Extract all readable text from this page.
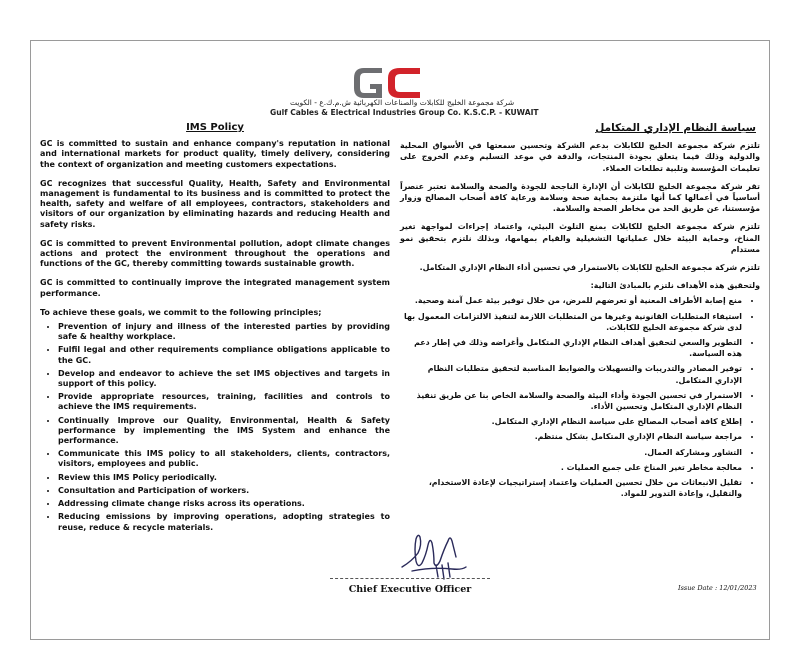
شركة مجموعة الخليج للكابلات والصناعات الكهربائية ش.م.ك.ع - الكويت
Gulf Cables & Electrical Industries Group Co. K.S.C.P. - KUWAIT
IMS Policy

GC is committed to sustain and enhance company's reputation in national and international markets for product quality, timely delivery, considering the context of organization and meeting customers expectations.

GC recognizes that successful Quality, Health, Safety and Environmental management is fundamental to its business and is committed to protect the health, safety and welfare of all employees, contractors, stakeholders and visitors of our organization by eliminating hazards and reducing Health and safety risks.

GC is committed to prevent Environmental pollution, adopt climate changes actions and protect the environment throughout the operations and functions of the GC, thereby committing towards sustainable growth.

GC is committed to continually improve the integrated management system performance.

To achieve these goals, we commit to the following principles;

• Prevention of injury and illness of the interested parties by providing safe & healthy workplace.
• Fulfil legal and other requirements compliance obligations applicable to the GC.
• Develop and endeavor to achieve the set IMS objectives and targets in support of this policy.
• Provide appropriate resources, training, facilities and controls to achieve the IMS requirements.
• Continually Improve our Quality, Environmental, Health & Safety performance by implementing the IMS System and enhance the performance.
• Communicate this IMS policy to all stakeholders, clients, contractors, visitors, employees and public.
• Review this IMS Policy periodically.
• Consultation and Participation of workers.
• Addressing climate change risks across its operations.
• Reducing emissions by improving operations, adopting strategies to reuse, reduce & recycle materials.
سياسة النظام الإداري المتكامل

تلتزم شركة مجموعة الخليج للكابلات بدعم الشركة وتحسين سمعتها في الأسواق المحلية والدولية وذلك فيما يتعلق بجودة المنتجات، والدقة في موعد التسليم وعدم الخروج على تعليمات المؤسسة وتلبية تطلعات العملاء.

تقر شركة مجموعة الخليج للكابلات أن الإدارة الناجحة للجودة والصحة والسلامة تعتبر عنصراً أساسياً في أعمالها كما أنها ملتزمة بحماية صحة وسلامة ورعاية كافة أصحاب المصالح وزوار مؤسستنا، عن طريق الحد من مخاطر الصحة والسلامة.

تلتزم شركة مجموعة الخليج للكابلات بمنع التلوث البيئي، واعتماد إجراءات لمواجهة تغير المناخ، وحماية البيئة خلال عملياتها التشغيلية والقيام بمهامها، وبذلك نلتزم بتحقيق نمو مستدام

تلتزم شركة مجموعة الخليج للكابلات بالاستمرار في تحسين أداء النظام الإداري المتكامل.

ولتحقيق هذه الأهداف نلتزم بالمبادئ التالية:

• منع إصابة الأطراف المعنية أو تعرضهم للمرض، من خلال توفير بيئة عمل آمنة وصحية.
• استيفاء المتطلبات القانونية وغيرها من المتطلبات اللازمة لتنفيذ الالتزامات المعمول بها لدى شركة مجموعة الخليج للكابلات.
• التطوير والسعي لتحقيق أهداف النظام الإداري المتكامل وأغراضه وذلك في إطار دعم هذه السياسة.
• توفير المصادر والتدريبات والتسهيلات والضوابط المناسبة لتحقيق متطلبات النظام الإداري المتكامل.
• الاستمرار في تحسين الجودة وأداء البيئة والصحة والسلامة الخاص بنا عن طريق تنفيذ النظام الإداري المتكامل وتحسين الأداء.
• إطلاع كافة أصحاب المصالح على سياسة النظام الإداري المتكامل.
• مراجعة سياسة النظام الإداري المتكامل بشكل منتظم.
• التشاور ومشاركة العمال.
• معالجة مخاطر تغير المناخ على جميع العمليات .
• تقليل الانبعاثات من خلال تحسين العمليات واعتماد إستراتيجيات لإعادة الاستخدام، والتقليل، وإعادة التدوير للمواد.
Chief Executive Officer	Issue Date : 12/01/2023
